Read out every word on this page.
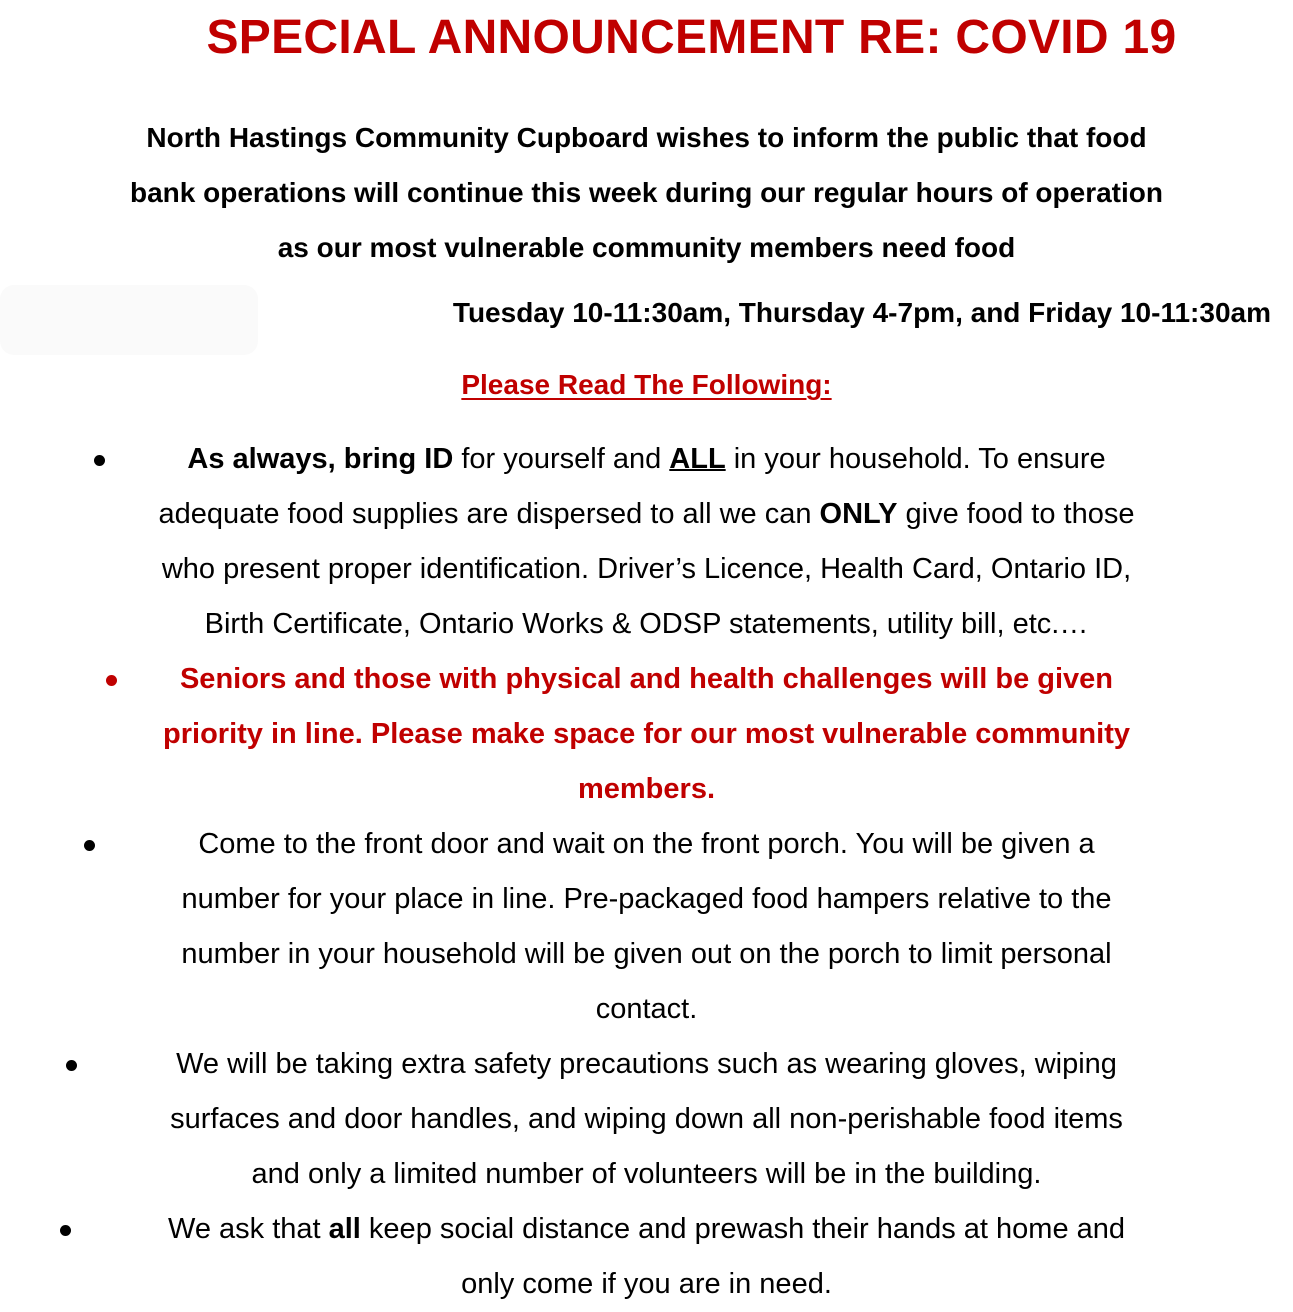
SPECIAL ANNOUNCEMENT RE: COVID 19
North Hastings Community Cupboard wishes to inform the public that food
bank operations will continue this week during our regular hours of operation
as our most vulnerable community members need food
Tuesday 10-11:30am, Thursday 4-7pm, and Friday 10-11:30am
Please Read The Following:
As always, bring ID for yourself and ALL in your household. To ensure
adequate food supplies are dispersed to all we can ONLY give food to those
who present proper identification. Driver’s Licence, Health Card, Ontario ID,
Birth Certificate, Ontario Works & ODSP statements, utility bill, etc.…
Seniors and those with physical and health challenges will be given
priority in line. Please make space for our most vulnerable community
members.
Come to the front door and wait on the front porch. You will be given a
number for your place in line. Pre-packaged food hampers relative to the
number in your household will be given out on the porch to limit personal
contact.
We will be taking extra safety precautions such as wearing gloves, wiping
surfaces and door handles, and wiping down all non-perishable food items
and only a limited number of volunteers will be in the building.
We ask that all keep social distance and prewash their hands at home and
only come if you are in need.
